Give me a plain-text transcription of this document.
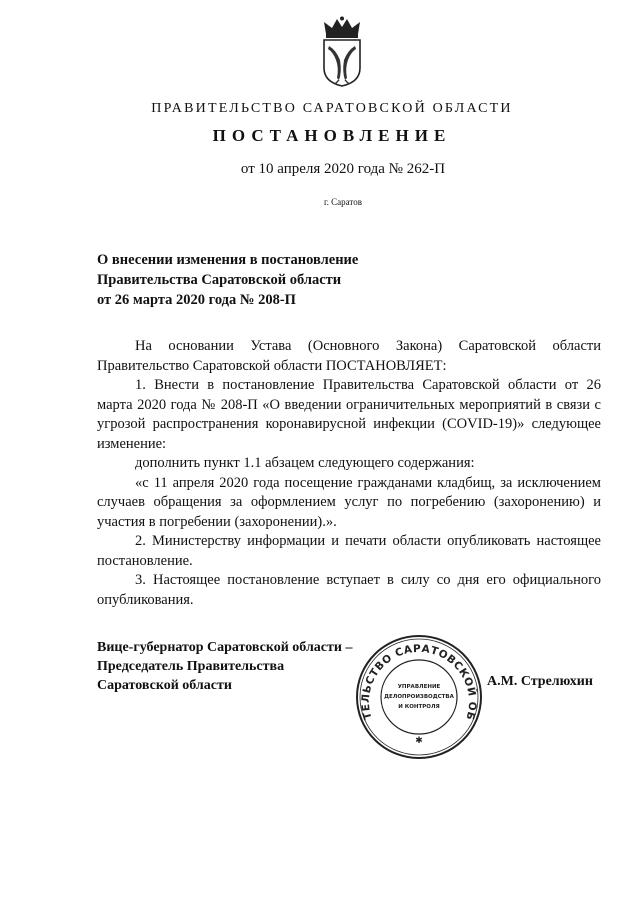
ПРАВИТЕЛЬСТВО САРАТОВСКОЙ ОБЛАСТИ
ПОСТАНОВЛЕНИЕ
от 10 апреля 2020 года № 262-П
г. Саратов
О внесении изменения в постановление
Правительства Саратовской области
от 26 марта 2020 года № 208-П

На основании Устава (Основного Закона) Саратовской области Правительство Саратовской области ПОСТАНОВЛЯЕТ:

1. Внести в постановление Правительства Саратовской области от 26 марта 2020 года № 208-П «О введении ограничительных мероприятий в связи с угрозой распространения коронавирусной инфекции (COVID-19)» следующее изменение:

дополнить пункт 1.1 абзацем следующего содержания:

«с 11 апреля 2020 года посещение гражданами кладбищ, за исключением случаев обращения за оформлением услуг по погребению (захоронению) и участия в погребении (захоронении).».

2. Министерству информации и печати области опубликовать настоящее постановление.

3. Настоящее постановление вступает в силу со дня его официального опубликования.

Вице-губернатор Саратовской области –
Председатель Правительства
Саратовской области
ТЕЛЬСТВО САРАТОВСКОЙ ОБ
УПРАВЛЕНИЕ
ДЕЛОПРОИЗВОДСТВА
И КОНТРОЛЯ
✱
А.М. Стрелюхин
